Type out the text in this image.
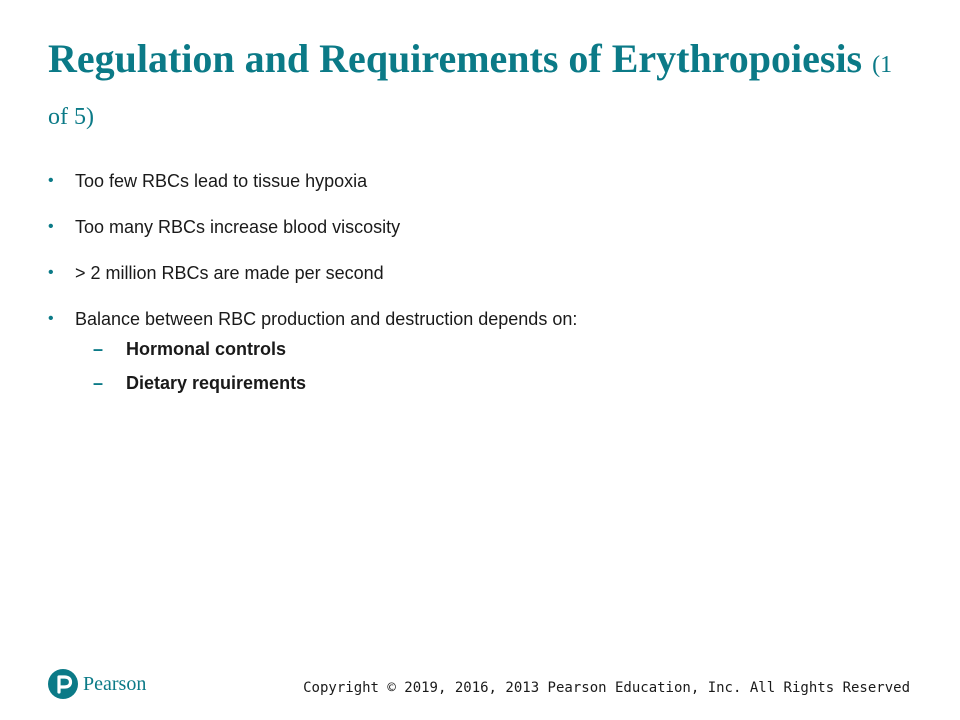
Regulation and Requirements of Erythropoiesis (1 of 5)
•	Too few RBCs lead to tissue hypoxia
•	Too many RBCs increase blood viscosity
•	> 2 million RBCs are made per second
•	Balance between RBC production and destruction depends on:
– Hormonal controls
– Dietary requirements
Pearson	Copyright © 2019, 2016, 2013 Pearson Education, Inc. All Rights Reserved
